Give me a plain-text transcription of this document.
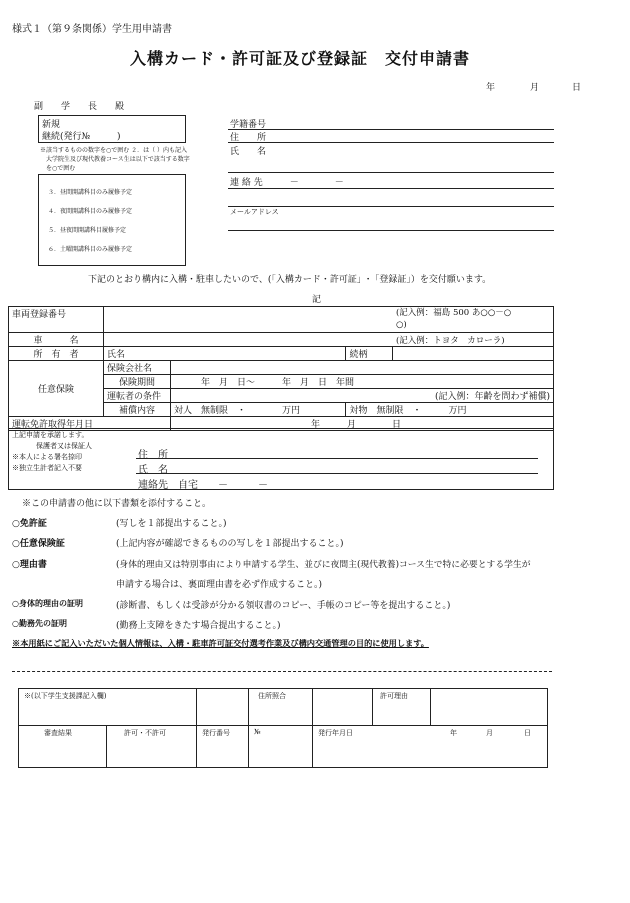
様式１（第９条関係）学生用申請書
入構カード・許可証及び登録証　交付申請書
年	月	日
副　　学　　長　　殿
新規
継続(発行№　　　)
※該当するものの数字を○で囲む ２．は（ ）内も記入
大学院生及び現代教養コース生は以下で該当する数字
を○で囲む
３．昼間開講科目のみ履修予定
４．夜間開講科目のみ履修予定
５．昼夜間開講科目履修予定
６．土曜開講科目のみ履修予定
学籍番号
住　　所
氏　　名
連 絡 先　　　－　　　　－
メールアドレス
下記のとおり構内に入構・駐車したいので、(「入構カード・許可証」･「登録証」）を交付願います。
記
車両登録番号				(記入例：福島 500 あ○○－○
○)

車　　　名				(記入例：トヨタ　カローラ)
所　有　者	氏名		続柄	
任意保険	保険会社名			
	保険期間	年　月　日～　　　年　月　日　年間		
	運転者の条件	(記入例：年齢を問わず補償)		
	補償内容	対人　無制限　・　　　　万円	対物　無制限　・　　　万円	
運転免許取得年月日		年　　　月　　　　日		
上記申請を承諾します。
保護者又は保証人
※本人による署名捺印
※独立生計者記入不要
住　所
氏　名
連絡先　自宅　　－　　　－
※この申請書の他に以下書類を添付すること。
○免許証	(写しを１部提出すること。)
○任意保険証	(上記内容が確認できるものの写しを１部提出すること。)
○理由書	(身体的理由又は特別事由により申請する学生、並びに夜間主(現代教養)コース生で特に必要とする学生が
申請する場合は、裏面理由書を必ず作成すること。)
○身体的理由の証明	(診断書、もしくは受診が分かる領収書のコピー、手帳のコピー等を提出すること。)
○勤務先の証明	(勤務上支障をきたす場合提出すること。)
※本用紙にご記入いただいた個人情報は、入構・駐車許可証交付選考作業及び構内交通管理の目的に使用します。
※(以下学生支援課記入欄)	住所照合	許可理由
審査結果	許可・不許可	発行番号	№	発行年月日	年	月	日
